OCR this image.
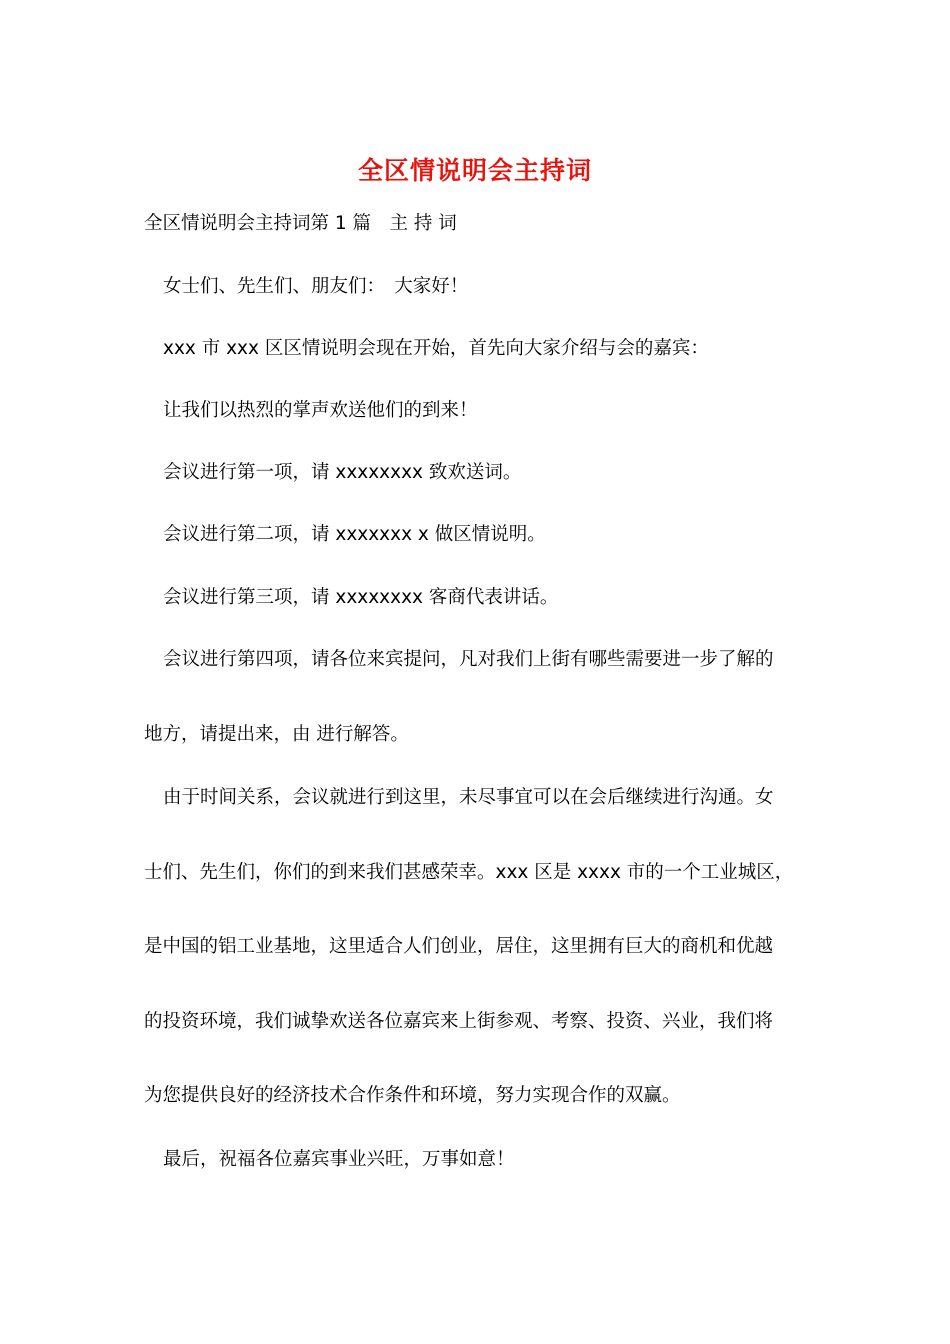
全区情说明会主持词
全区情说明会主持词第 1 篇　主 持 词
女士们、先生们、朋友们：　大家好！
xxx 市 xxx 区区情说明会现在开始，首先向大家介绍与会的嘉宾：
让我们以热烈的掌声欢送他们的到来！
会议进行第一项，请 xxxxxxxx 致欢送词。
会议进行第二项，请 xxxxxxx x 做区情说明。
会议进行第三项，请 xxxxxxxx 客商代表讲话。
会议进行第四项，请各位来宾提问，凡对我们上街有哪些需要进一步了解的
地方，请提出来，由 进行解答。
由于时间关系，会议就进行到这里，未尽事宜可以在会后继续进行沟通。女
士们、先生们，你们的到来我们甚感荣幸。xxx 区是 xxxx 市的一个工业城区，
是中国的铝工业基地，这里适合人们创业，居住，这里拥有巨大的商机和优越
的投资环境，我们诚挚欢送各位嘉宾来上街参观、考察、投资、兴业，我们将
为您提供良好的经济技术合作条件和环境，努力实现合作的双赢。
最后，祝福各位嘉宾事业兴旺，万事如意！
